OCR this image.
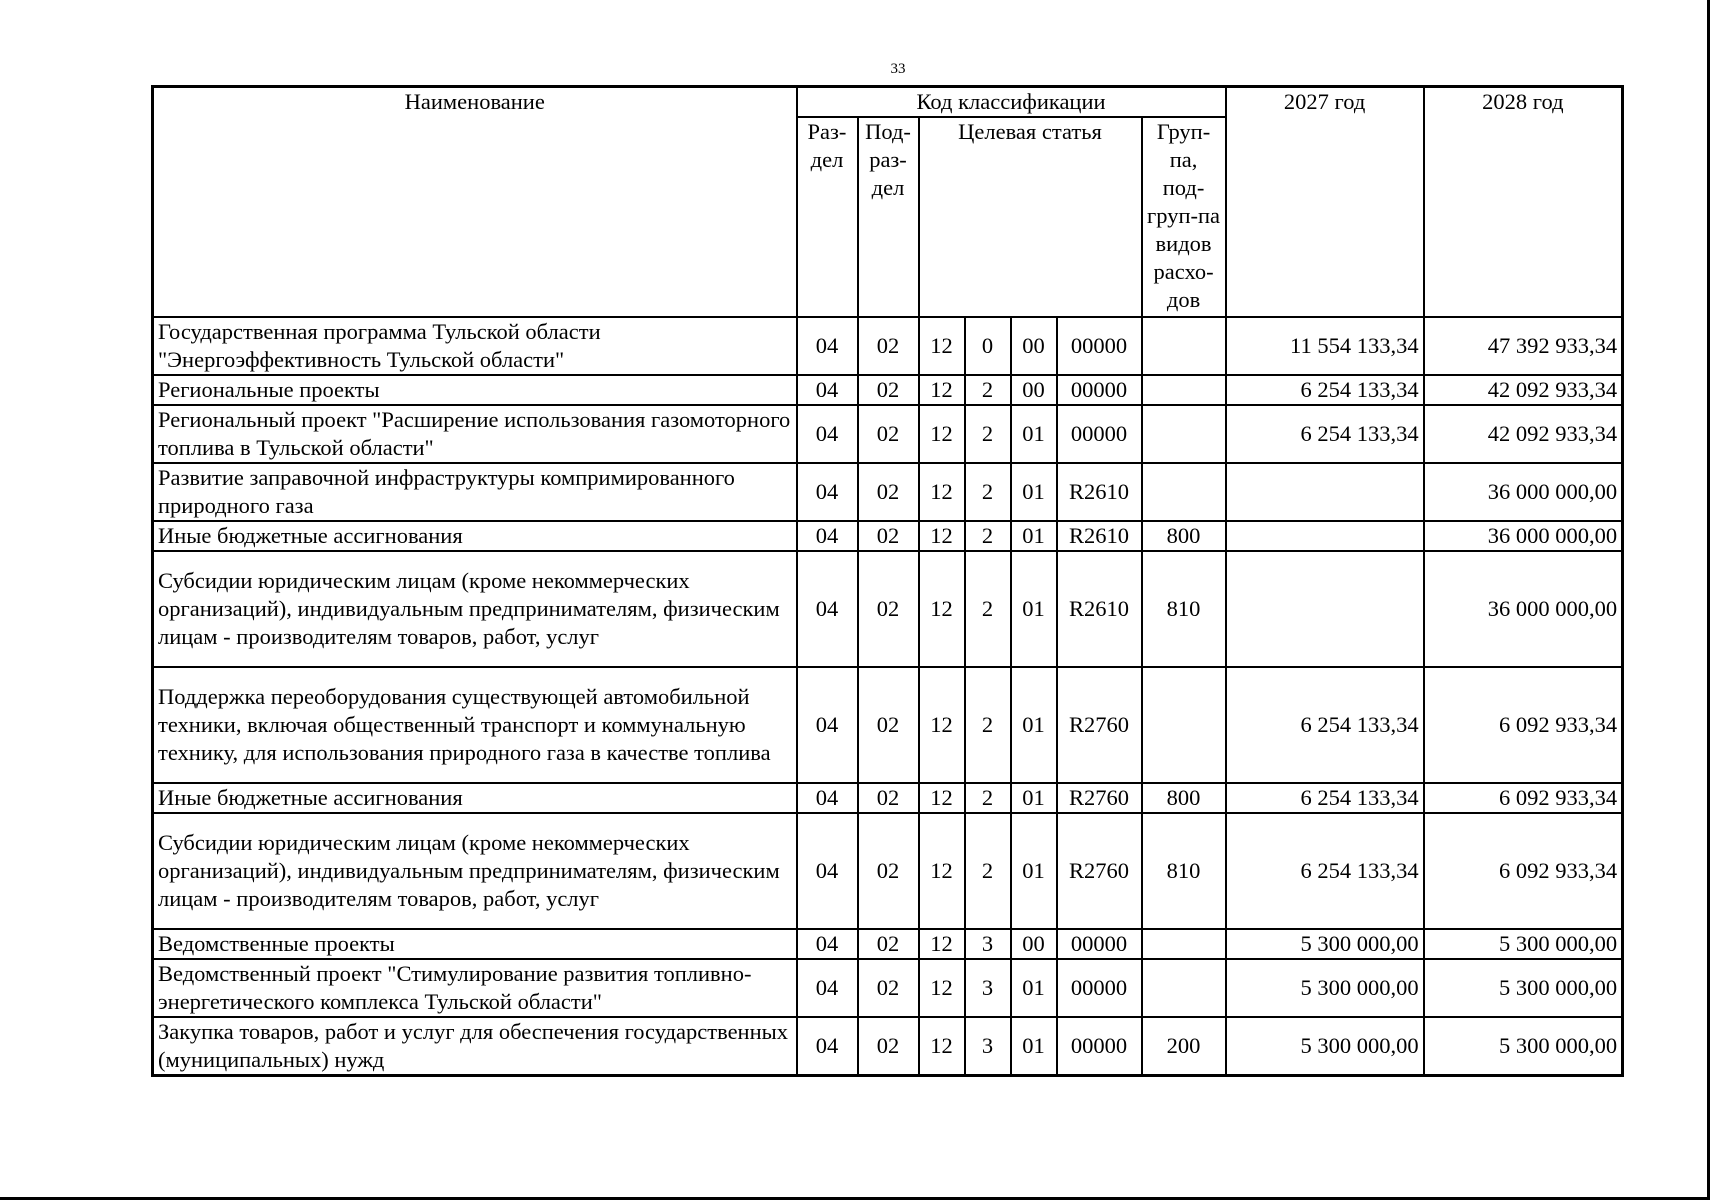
33
Наименование	Код классификации							2027 год	2028 год
	Раз-дел	Под-раз-дел	Целевая статья				Груп-па, под-груп-па видов расхо-дов		
Государственная программа Тульской области "Энергоэффективность Тульской области"	04	02	12	0	00	00000		11 554 133,34	47 392 933,34
Региональные проекты	04	02	12	2	00	00000		6 254 133,34	42 092 933,34
Региональный проект "Расширение использования газомоторного топлива в Тульской области"	04	02	12	2	01	00000		6 254 133,34	42 092 933,34
Развитие заправочной инфраструктуры компримированного природного газа	04	02	12	2	01	R2610			36 000 000,00
Иные бюджетные ассигнования	04	02	12	2	01	R2610	800		36 000 000,00
Субсидии юридическим лицам (кроме некоммерческих организаций), индивидуальным предпринимателям, физическим лицам - производителям товаров, работ, услуг	04	02	12	2	01	R2610	810		36 000 000,00
Поддержка переоборудования существующей автомобильной техники, включая общественный транспорт и коммунальную технику, для использования природного газа в качестве топлива	04	02	12	2	01	R2760		6 254 133,34	6 092 933,34
Иные бюджетные ассигнования	04	02	12	2	01	R2760	800	6 254 133,34	6 092 933,34
Субсидии юридическим лицам (кроме некоммерческих организаций), индивидуальным предпринимателям, физическим лицам - производителям товаров, работ, услуг	04	02	12	2	01	R2760	810	6 254 133,34	6 092 933,34
Ведомственные проекты	04	02	12	3	00	00000		5 300 000,00	5 300 000,00
Ведомственный проект "Стимулирование развития топливно-энергетического комплекса Тульской области"	04	02	12	3	01	00000		5 300 000,00	5 300 000,00
Закупка товаров, работ и услуг для обеспечения государственных (муниципальных) нужд	04	02	12	3	01	00000	200	5 300 000,00	5 300 000,00
